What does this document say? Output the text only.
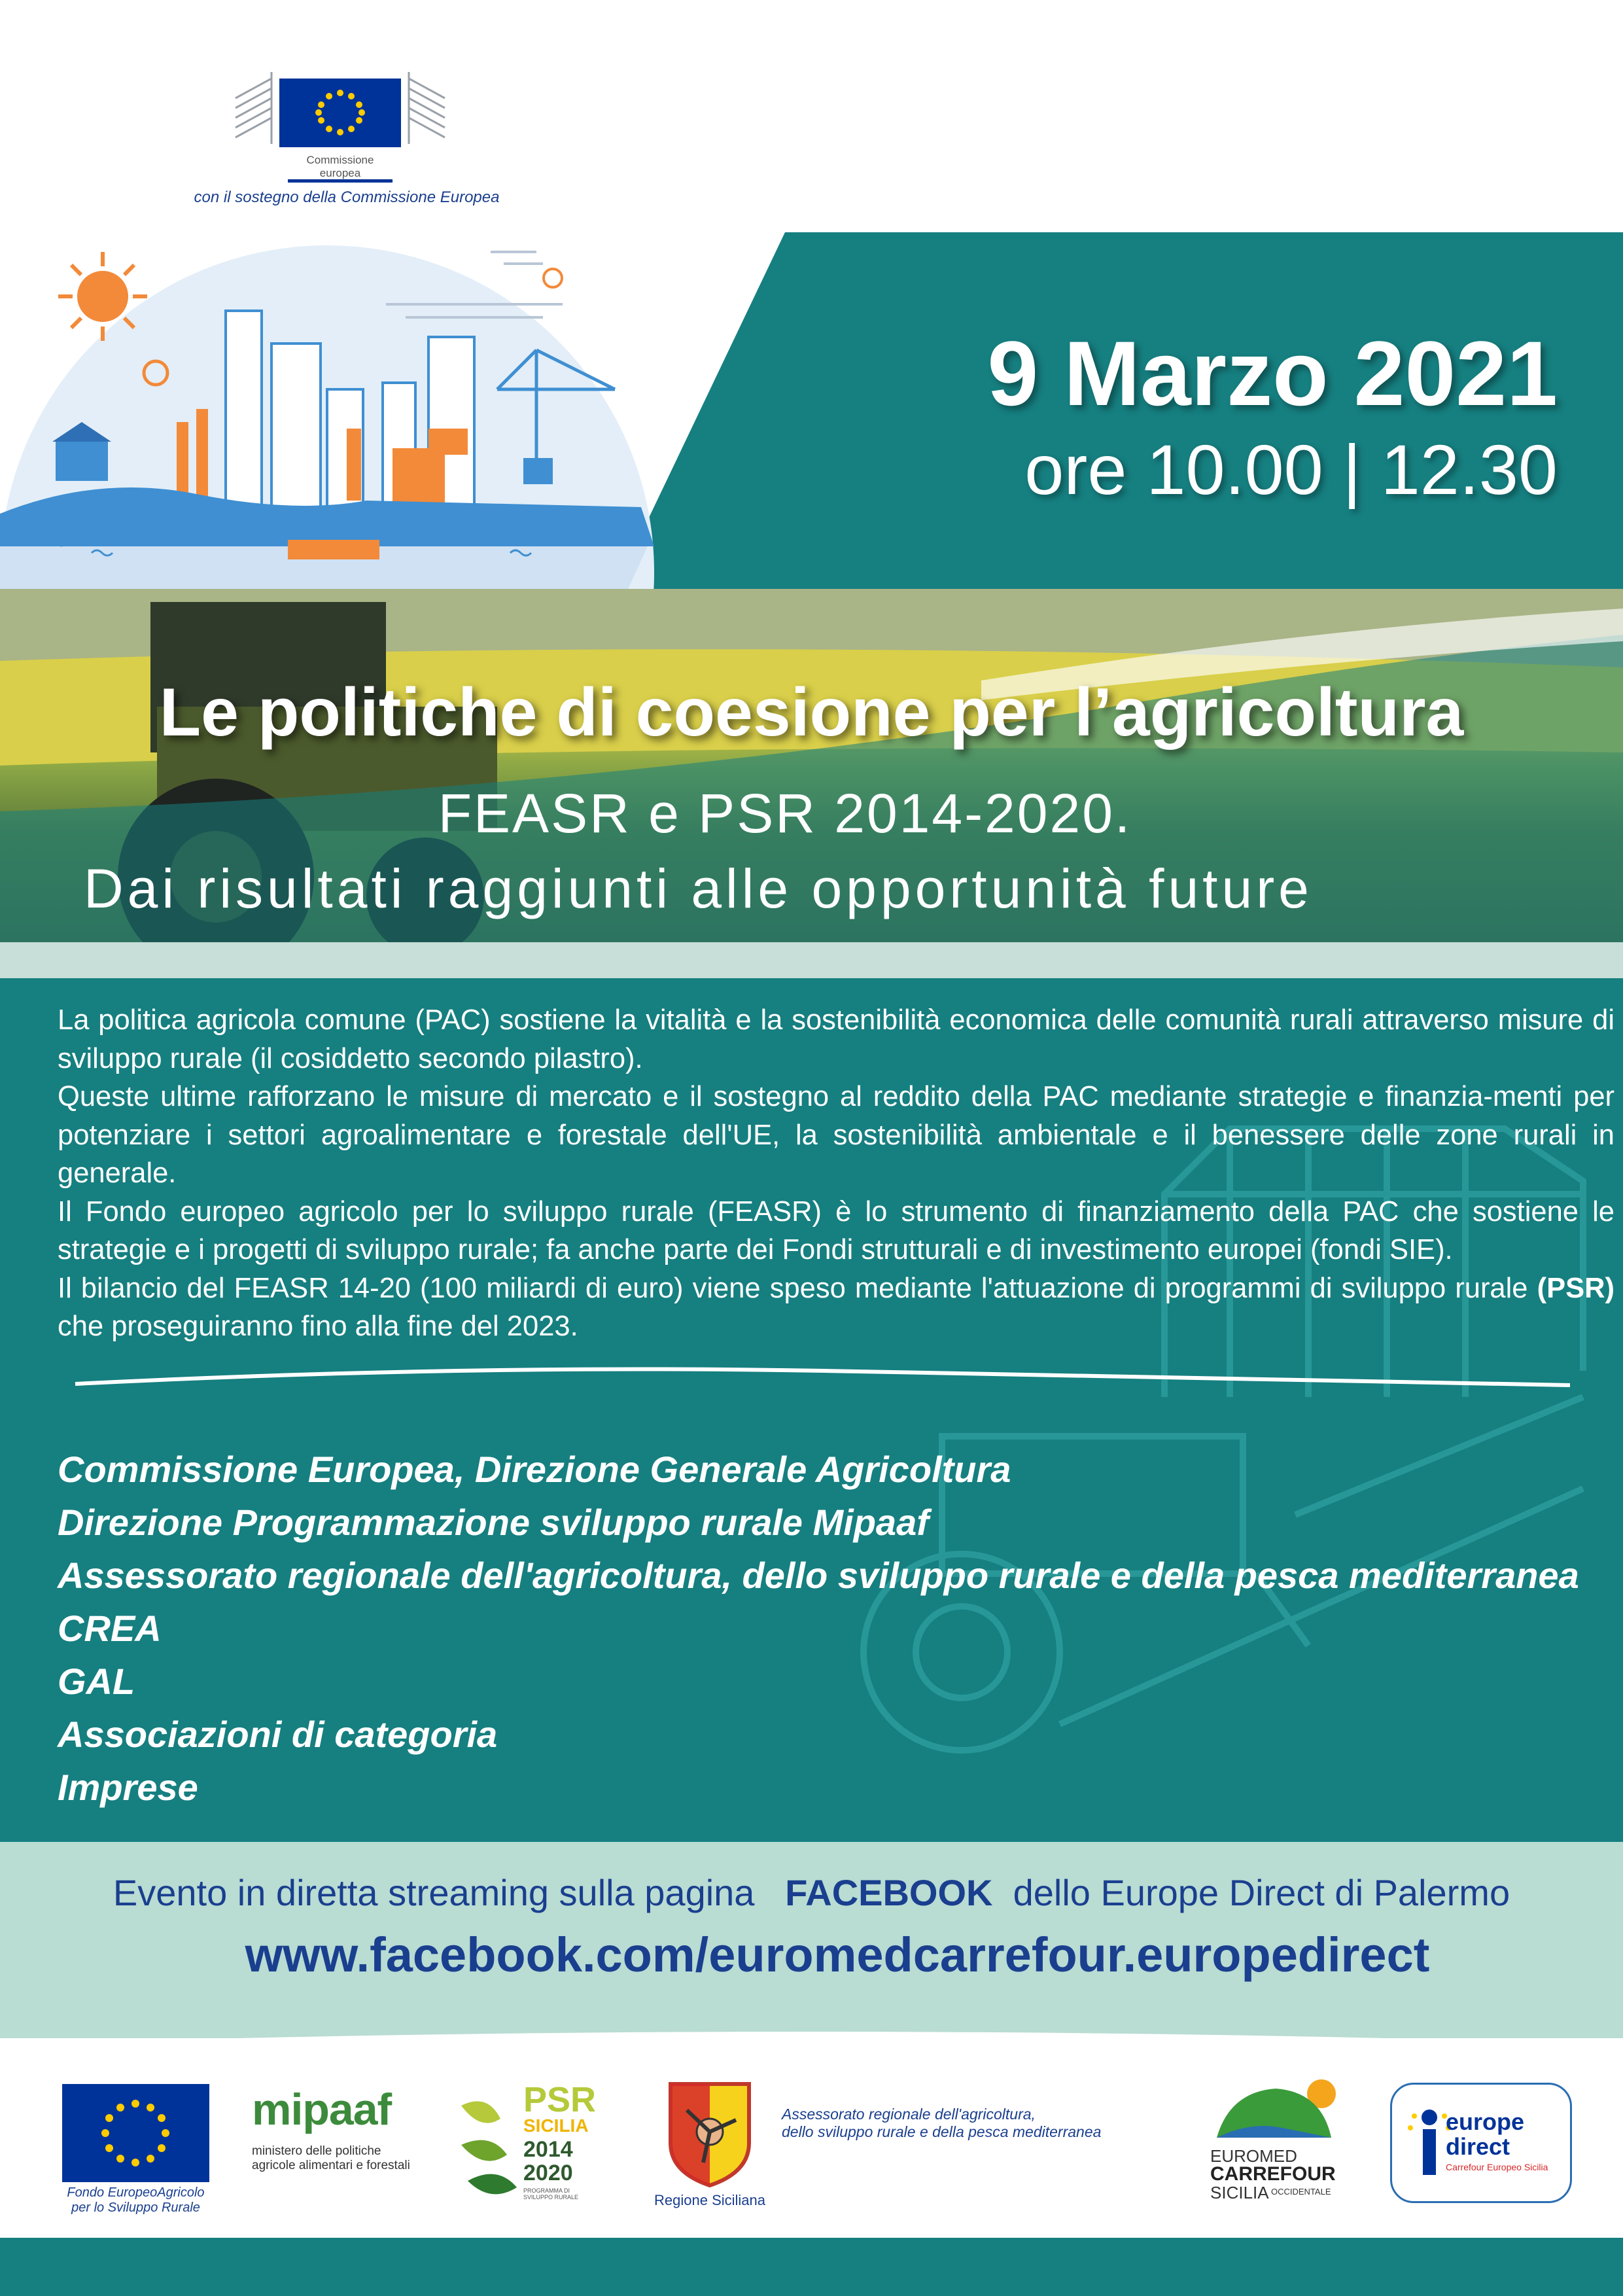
Commissione
europea
con il sostegno della Commissione Europea
9 Marzo 2021
ore 10.00 | 12.30
Le politiche di coesione per l’agricoltura
FEASR e PSR 2014-2020.
Dai risultati raggiunti alle opportunità future

La politica agricola comune (PAC) sostiene la vitalità e la sostenibilità economica delle comunità rurali attraverso misure di sviluppo rurale (il cosiddetto secondo pilastro).

Queste ultime rafforzano le misure di mercato e il sostegno al reddito della PAC mediante strategie e finanzia-menti per potenziare i settori agroalimentare e forestale dell'UE, la sostenibilità ambientale e il benessere delle zone rurali in generale.

Il Fondo europeo agricolo per lo sviluppo rurale (FEASR) è lo strumento di finanziamento della PAC che sostiene le strategie e i progetti di sviluppo rurale; fa anche parte dei Fondi strutturali e di investimento europei (fondi SIE).

Il bilancio del FEASR 14-20 (100 miliardi di euro) viene speso mediante l'attuazione di programmi di sviluppo rurale (PSR) che proseguiranno fino alla fine del 2023.

Commissione Europea, Direzione Generale Agricoltura
Direzione Programmazione sviluppo rurale Mipaaf
Assessorato regionale dell'agricoltura, dello sviluppo rurale e della pesca mediterranea
CREA
GAL
Associazioni di categoria
Imprese
Evento in diretta streaming sulla pagina FACEBOOK dello Europe Direct di Palermo
www.facebook.com/euromedcarrefour.europedirect
Fondo EuropeoAgricolo
per lo Sviluppo Rurale
mipaaf
ministero delle politiche
agricole alimentari e forestali
PSR
SICILIA
2014
2020
PROGRAMMA DI SVILUPPO RURALE	Regione Siciliana
Assessorato regionale dell'agricoltura,
dello sviluppo rurale e della pesca mediterranea
EUROMED
CARREFOUR
SICILIA OCCIDENTALE
europe
direct
Carrefour Europeo Sicilia
